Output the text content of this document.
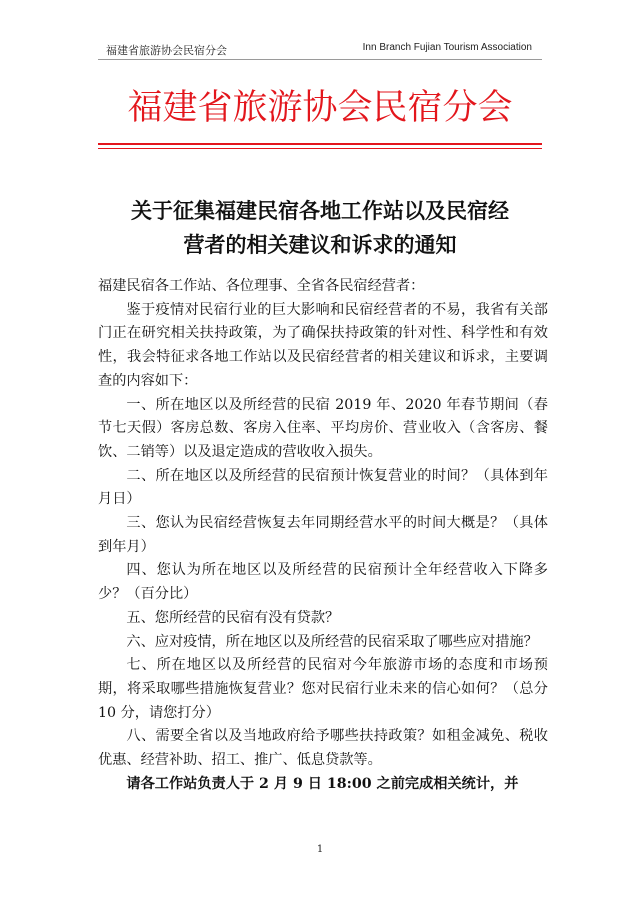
福建省旅游协会民宿分会	Inn Branch Fujian Tourism Association
福建省旅游协会民宿分会
关于征集福建民宿各地工作站以及民宿经
营者的相关建议和诉求的通知

福建民宿各工作站、各位理事、全省各民宿经营者：

鉴于疫情对民宿行业的巨大影响和民宿经营者的不易，我省有关部门正在研究相关扶持政策，为了确保扶持政策的针对性、科学性和有效性，我会特征求各地工作站以及民宿经营者的相关建议和诉求，主要调查的内容如下：

一、所在地区以及所经营的民宿 2019 年、2020 年春节期间（春节七天假）客房总数、客房入住率、平均房价、营业收入（含客房、餐饮、二销等）以及退定造成的营收收入损失。

二、所在地区以及所经营的民宿预计恢复营业的时间？（具体到年月日）

三、您认为民宿经营恢复去年同期经营水平的时间大概是？（具体到年月）

四、您认为所在地区以及所经营的民宿预计全年经营收入下降多少？（百分比）

五、您所经营的民宿有没有贷款？

六、应对疫情，所在地区以及所经营的民宿采取了哪些应对措施？

七、所在地区以及所经营的民宿对今年旅游市场的态度和市场预期，将采取哪些措施恢复营业？您对民宿行业未来的信心如何？（总分 10 分，请您打分）

八、需要全省以及当地政府给予哪些扶持政策？如租金减免、税收优惠、经营补助、招工、推广、低息贷款等。

请各工作站负责人于 2 月 9 日 18:00 之前完成相关统计，并

1
